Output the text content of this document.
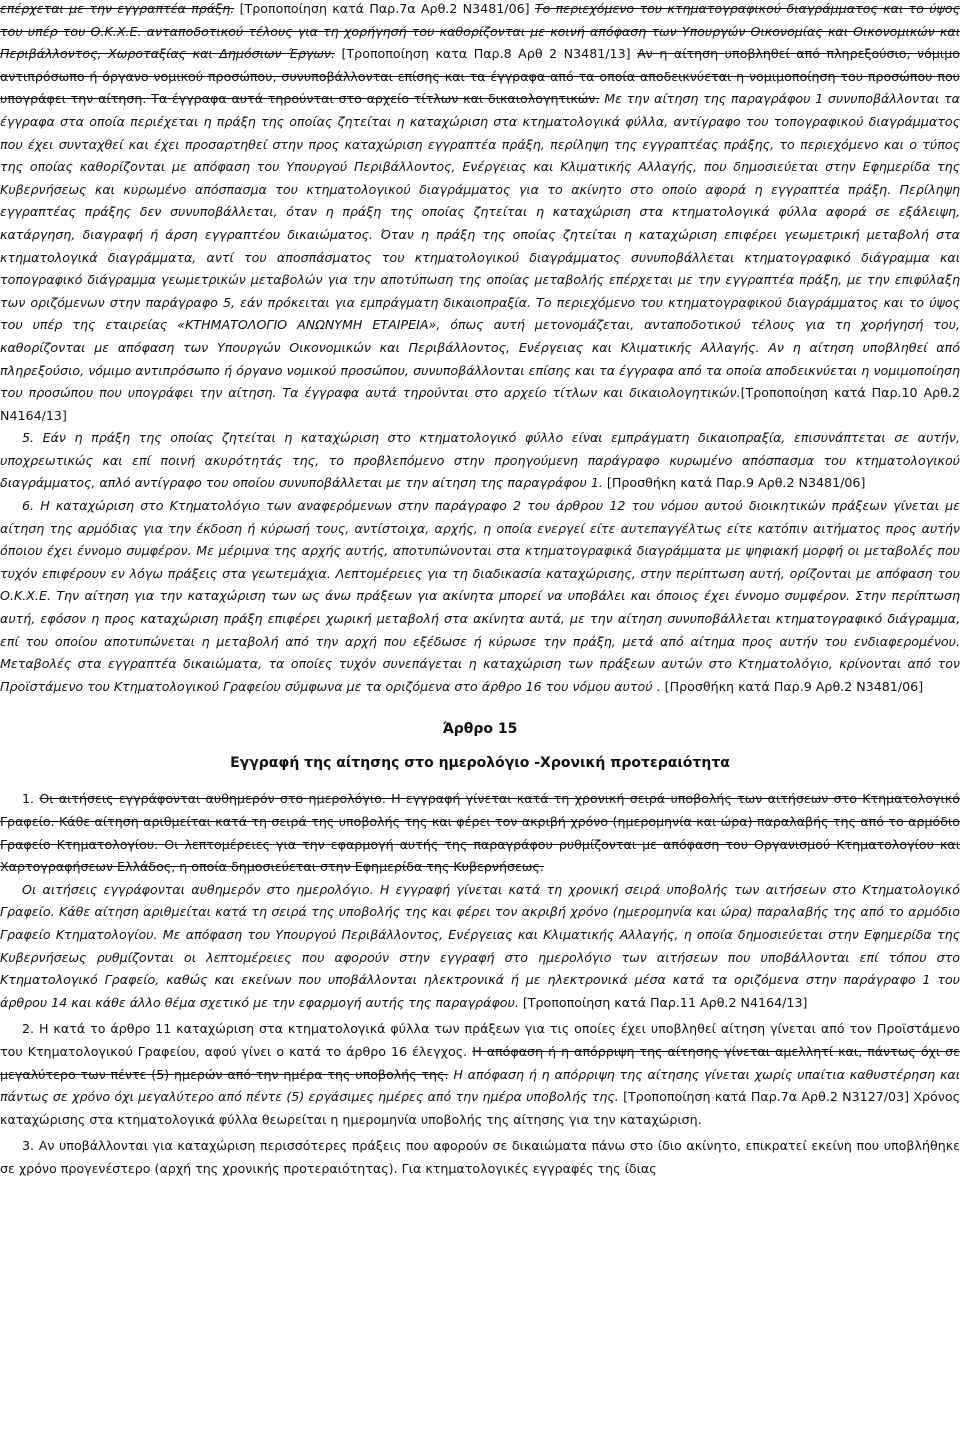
επέρχεται με την εγγραπτέα πράξη. [Τροποποίηση κατά Παρ.7α Αρθ.2 Ν3481/06] Το περιεχόμενο του κτηματογραφικού διαγράμματος και το ύψος του υπέρ του Ο.Κ.Χ.Ε. ανταποδοτικού τέλους για τη χορήγησή του καθορίζονται με κοινή απόφαση των Υπουργών Οικονομίας και Οικονομικών και Περιβάλλοντος, Χωροταξίας και Δημόσιων Έργων. [Τροποποίηση κατα Παρ.8 Αρθ 2 Ν3481/13] Αν η αίτηση υποβληθεί από πληρεξούσιο, νόμιμο αντιπρόσωπο ή όργανο νομικού προσώπου, συνυποβάλλονται επίσης και τα έγγραφα από τα οποία αποδεικνύεται η νομιμοποίηση του προσώπου που υπογράφει την αίτηση. Τα έγγραφα αυτά τηρούνται στο αρχείο τίτλων και δικαιολογητικών. Με την αίτηση της παραγράφου 1 συνυποβάλλονται τα έγγραφα στα οποία περιέχεται η πράξη της οποίας ζητείται η καταχώριση στα κτηματολογικά φύλλα, αντίγραφο του τοπογραφικού διαγράμματος που έχει συνταχθεί και έχει προσαρτηθεί στην προς καταχώριση εγγραπτέα πράξη, περίληψη της εγγραπτέας πράξης, το περιεχόμενο και ο τύπος της οποίας καθορίζονται με απόφαση του Υπουργού Περιβάλλοντος, Ενέργειας και Κλιματικής Αλλαγής, που δημοσιεύεται στην Εφημερίδα της Κυβερνήσεως και κυρωμένο απόσπασμα του κτηματολογικού διαγράμματος για το ακίνητο στο οποίο αφορά η εγγραπτέα πράξη. Περίληψη εγγραπτέας πράξης δεν συνυποβάλλεται, όταν η πράξη της οποίας ζητείται η καταχώριση στα κτηματολογικά φύλλα αφορά σε εξάλειψη, κατάργηση, διαγραφή ή άρση εγγραπτέου δικαιώματος. Όταν η πράξη της οποίας ζητείται η καταχώριση επιφέρει γεωμετρική μεταβολή στα κτηματολογικά διαγράμματα, αντί του αποσπάσματος του κτηματολογικού διαγράμματος συνυποβάλλεται κτηματογραφικό διάγραμμα και τοπογραφικό διάγραμμα γεωμετρικών μεταβολών για την αποτύπωση της οποίας μεταβολής επέρχεται με την εγγραπτέα πράξη, με την επιφύλαξη των οριζόμενων στην παράγραφο 5, εάν πρόκειται για εμπράγματη δικαιοπραξία. Το περιεχόμενο του κτηματογραφικού διαγράμματος και το ύψος του υπέρ της εταιρείας «ΚΤΗΜΑΤΟΛΟΓΙΟ ΑΝΩΝΥΜΗ ΕΤΑΙΡΕΙΑ», όπως αυτή μετονομάζεται, ανταποδοτικού τέλους για τη χορήγησή του, καθορίζονται με απόφαση των Υπουργών Οικονομικών και Περιβάλλοντος, Ενέργειας και Κλιματικής Αλλαγής. Αν η αίτηση υποβληθεί από πληρεξούσιο, νόμιμο αντιπρόσωπο ή όργανο νομικού προσώπου, συνυποβάλλονται επίσης και τα έγγραφα από τα οποία αποδεικνύεται η νομιμοποίηση του προσώπου που υπογράφει την αίτηση. Τα έγγραφα αυτά τηρούνται στο αρχείο τίτλων και δικαιολογητικών.[Τροποποίηση κατά Παρ.10 Αρθ.2 Ν4164/13]

5. Εάν η πράξη της οποίας ζητείται η καταχώριση στο κτηματολογικό φύλλο είναι εμπράγματη δικαιοπραξία, επισυνάπτεται σε αυτήν, υποχρεωτικώς και επί ποινή ακυρότητάς της, το προβλεπόμενο στην προηγούμενη παράγραφο κυρωμένο απόσπασμα του κτηματολογικού διαγράμματος, απλό αντίγραφο του οποίου συνυποβάλλεται με την αίτηση της παραγράφου 1. [Προσθήκη κατά Παρ.9 Αρθ.2 Ν3481/06]

6. Η καταχώριση στο Κτηματολόγιο των αναφερόμενων στην παράγραφο 2 του άρθρου 12 του νόμου αυτού διοικητικών πράξεων γίνεται με αίτηση της αρμόδιας για την έκδοση ή κύρωσή τους, αντίστοιχα, αρχής, η οποία ενεργεί είτε αυτεπαγγέλτως είτε κατόπιν αιτήματος προς αυτήν όποιου έχει έννομο συμφέρον. Με μέριμνα της αρχής αυτής, αποτυπώνονται στα κτηματογραφικά διαγράμματα με ψηφιακή μορφή οι μεταβολές που τυχόν επιφέρουν εν λόγω πράξεις στα γεωτεμάχια. Λεπτομέρειες για τη διαδικασία καταχώρισης, στην περίπτωση αυτή, ορίζονται με απόφαση του Ο.Κ.Χ.Ε. Την αίτηση για την καταχώριση των ως άνω πράξεων για ακίνητα μπορεί να υποβάλει και όποιος έχει έννομο συμφέρον. Στην περίπτωση αυτή, εφόσον η προς καταχώριση πράξη επιφέρει χωρική μεταβολή στα ακίνητα αυτά, με την αίτηση συνυποβάλλεται κτηματογραφικό διάγραμμα, επί του οποίου αποτυπώνεται η μεταβολή από την αρχή που εξέδωσε ή κύρωσε την πράξη, μετά από αίτημα προς αυτήν του ενδιαφερομένου. Μεταβολές στα εγγραπτέα δικαιώματα, τα οποίες τυχόν συνεπάγεται η καταχώριση των πράξεων αυτών στο Κτηματολόγιο, κρίνονται από τον Προϊστάμενο του Κτηματολογικού Γραφείου σύμφωνα με τα οριζόμενα στο άρθρο 16 του νόμου αυτού . [Προσθήκη κατά Παρ.9 Αρθ.2 Ν3481/06]

Άρθρο 15

Εγγραφή της αίτησης στο ημερολόγιο -Χρονική προτεραιότητα

1. Οι αιτήσεις εγγράφονται αυθημερόν στο ημερολόγιο. Η εγγραφή γίνεται κατά τη χρονική σειρά υποβολής των αιτήσεων στο Κτηματολογικό Γραφείο. Κάθε αίτηση αριθμείται κατά τη σειρά της υποβολής της και φέρει τον ακριβή χρόνο (ημερομηνία και ώρα) παραλαβής της από το αρμόδιο Γραφείο Κτηματολογίου. Οι λεπτομέρειες για την εφαρμογή αυτής της παραγράφου ρυθμίζονται με απόφαση του Οργανισμού Κτηματολογίου και Χαρτογραφήσεων Ελλάδος, η οποία δημοσιεύεται στην Εφημερίδα της Κυβερνήσεως.

Οι αιτήσεις εγγράφονται αυθημερόν στο ημερολόγιο. Η εγγραφή γίνεται κατά τη χρονική σειρά υποβολής των αιτήσεων στο Κτηματολογικό Γραφείο. Κάθε αίτηση αριθμείται κατά τη σειρά της υποβολής της και φέρει τον ακριβή χρόνο (ημερομηνία και ώρα) παραλαβής της από το αρμόδιο Γραφείο Κτηματολογίου. Με απόφαση του Υπουργού Περιβάλλοντος, Ενέργειας και Κλιματικής Αλλαγής, η οποία δημοσιεύεται στην Εφημερίδα της Κυβερνήσεως ρυθμίζονται οι λεπτομέρειες που αφορούν στην εγγραφή στο ημερολόγιο των αιτήσεων που υποβάλλονται επί τόπου στο Κτηματολογικό Γραφείο, καθώς και εκείνων που υποβάλλονται ηλεκτρονικά ή με ηλεκτρονικά μέσα κατά τα οριζόμενα στην παράγραφο 1 του άρθρου 14 και κάθε άλλο θέμα σχετικό με την εφαρμογή αυτής της παραγράφου. [Τροποποίηση κατά Παρ.11 Αρθ.2 Ν4164/13]

2. Η κατά το άρθρο 11 καταχώριση στα κτηματολογικά φύλλα των πράξεων για τις οποίες έχει υποβληθεί αίτηση γίνεται από τον Προϊστάμενο του Κτηματολογικού Γραφείου, αφού γίνει ο κατά το άρθρο 16 έλεγχος. Η απόφαση ή η απόρριψη της αίτησης γίνεται αμελλητί και, πάντως όχι σε μεγαλύτερο των πέντε (5) ημερών από την ημέρα της υποβολής της. Η απόφαση ή η απόρριψη της αίτησης γίνεται χωρίς υπαίτια καθυστέρηση και πάντως σε χρόνο όχι μεγαλύτερο από πέντε (5) εργάσιμες ημέρες από την ημέρα υποβολής της. [Τροποποίηση κατά Παρ.7α Αρθ.2 Ν3127/03] Χρόνος καταχώρισης στα κτηματολογικά φύλλα θεωρείται η ημερομηνία υποβολής της αίτησης για την καταχώριση.

3. Αν υποβάλλονται για καταχώριση περισσότερες πράξεις που αφορούν σε δικαιώματα πάνω στο ίδιο ακίνητο, επικρατεί εκείνη που υποβλήθηκε σε χρόνο προγενέστερο (αρχή της χρονικής προτεραιότητας). Για κτηματολογικές εγγραφές της ίδιας
